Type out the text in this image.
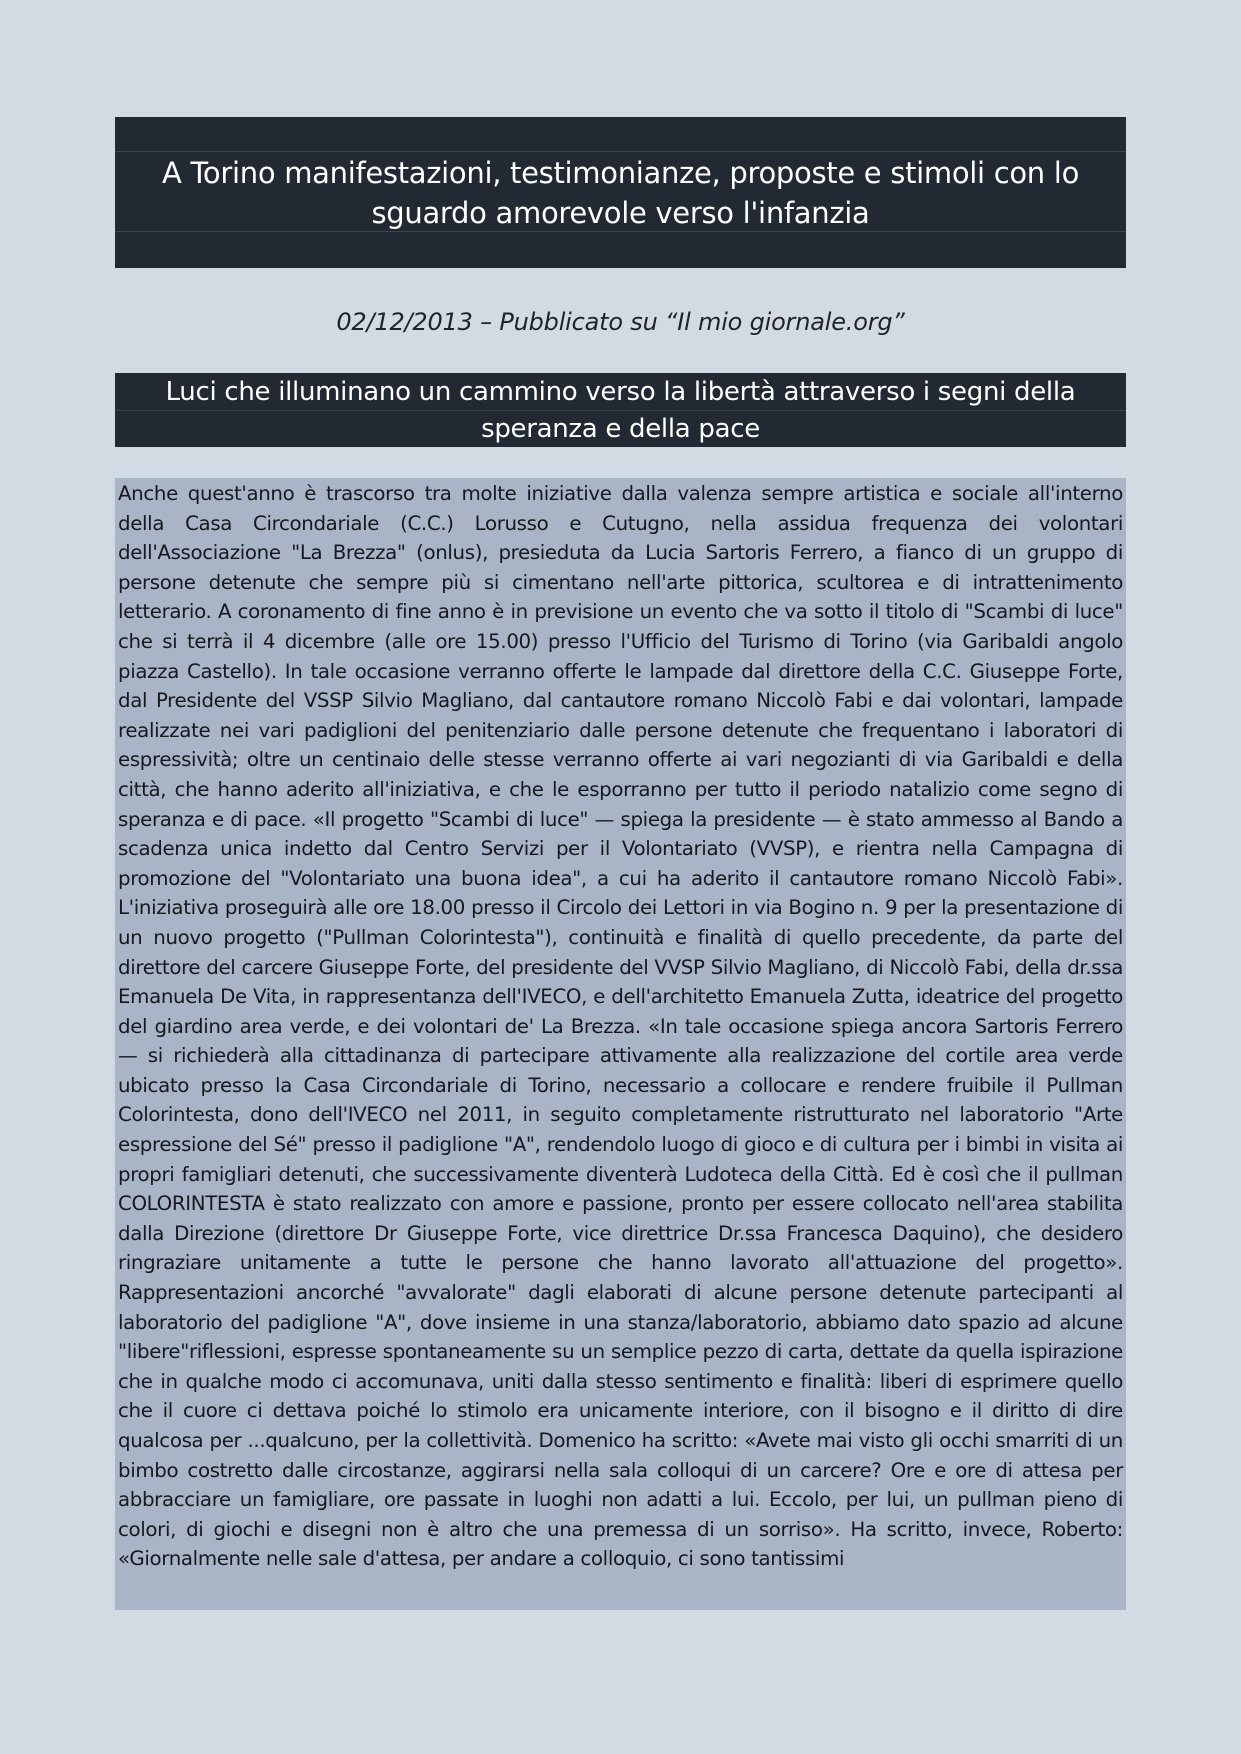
A Torino manifestazioni, testimonianze, proposte e stimoli con lo sguardo amorevole verso l'infanzia
02/12/2013 – Pubblicato su “Il mio giornale.org”
Luci che illuminano un cammino verso la libertà attraverso i segni della speranza e della pace
Anche quest'anno è trascorso tra molte iniziative dalla valenza sempre artistica e sociale all'interno della Casa Circondariale (C.C.) Lorusso e Cutugno, nella assidua frequenza dei volontari dell'Associazione "La Brezza" (onlus), presieduta da Lucia Sartoris Ferrero, a fianco di un gruppo di persone detenute che sempre più si cimentano nell'arte pittorica, scultorea e di intrattenimento letterario. A coronamento di fine anno è in previsione un evento che va sotto il titolo di "Scambi di luce" che si terrà il 4 dicembre (alle ore 15.00) presso l'Ufficio del Turismo di Torino (via Garibaldi angolo piazza Castello). In tale occasione verranno offerte le lampade dal direttore della C.C. Giuseppe Forte, dal Presidente del VSSP Silvio Magliano, dal cantautore romano Niccolò Fabi e dai volontari, lampade realizzate nei vari padiglioni del penitenziario dalle persone detenute che frequentano i laboratori di espressività; oltre un centinaio delle stesse verranno offerte ai vari negozianti di via Garibaldi e della città, che hanno aderito all'iniziativa, e che le esporranno per tutto il periodo natalizio come segno di speranza e di pace. «Il progetto "Scambi di luce" — spiega la presidente — è stato ammesso al Bando a scadenza unica indetto dal Centro Servizi per il Volontariato (VVSP), e rientra nella Campagna di promozione del "Volontariato una buona idea", a cui ha aderito il cantautore romano Niccolò Fabi». L'iniziativa proseguirà alle ore 18.00 presso il Circolo dei Lettori in via Bogino n. 9 per la presentazione di un nuovo progetto ("Pullman Colorintesta"), continuità e finalità di quello precedente, da parte del direttore del carcere Giuseppe Forte, del presidente del VVSP Silvio Magliano, di Niccolò Fabi, della dr.ssa Emanuela De Vita, in rappresentanza dell'IVECO, e dell'architetto Emanuela Zutta, ideatrice del progetto del giardino area verde, e dei volontari de' La Brezza. «In tale occasione spiega ancora Sartoris Ferrero — si richiederà alla cittadinanza di partecipare attivamente alla realizzazione del cortile area verde ubicato presso la Casa Circondariale di Torino, necessario a collocare e rendere fruibile il Pullman Colorintesta, dono dell'IVECO nel 2011, in seguito completamente ristrutturato nel laboratorio "Arte espressione del Sé" presso il padiglione "A", rendendolo luogo di gioco e di cultura per i bimbi in visita ai propri famigliari detenuti, che successivamente diventerà Ludoteca della Città. Ed è così che il pullman COLORINTESTA è stato realizzato con amore e passione, pronto per essere collocato nell'area stabilita dalla Direzione (direttore Dr Giuseppe Forte, vice direttrice Dr.ssa Francesca Daquino), che desidero ringraziare unitamente a tutte le persone che hanno lavorato all'attuazione del progetto». Rappresentazioni ancorché "avvalorate" dagli elaborati di alcune persone detenute partecipanti al laboratorio del padiglione "A", dove insieme in una stanza/laboratorio, abbiamo dato spazio ad alcune "libere"riflessioni, espresse spontaneamente su un semplice pezzo di carta, dettate da quella ispirazione che in qualche modo ci accomunava, uniti dalla stesso sentimento e finalità: liberi di esprimere quello che il cuore ci dettava poiché lo stimolo era unicamente interiore, con il bisogno e il diritto di dire qualcosa per ...qualcuno, per la collettività. Domenico ha scritto: «Avete mai visto gli occhi smarriti di un bimbo costretto dalle circostanze, aggirarsi nella sala colloqui di un carcere? Ore e ore di attesa per abbracciare un famigliare, ore passate in luoghi non adatti a lui. Eccolo, per lui, un pullman pieno di colori, di giochi e disegni non è altro che una premessa di un sorriso». Ha scritto, invece, Roberto: «Giornalmente nelle sale d'attesa, per andare a colloquio, ci sono tantissimi
